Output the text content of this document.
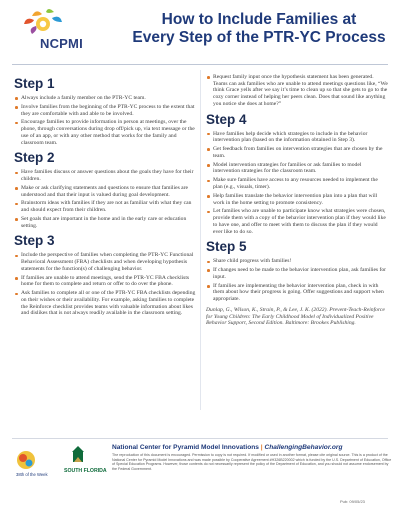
NCPMI
How to Include Families at
Every Step of the PTR-YC Process
Step 1
Always include a family member on the PTR-YC team.
Involve families from the beginning of the PTR-YC process to the extent that they are comfortable with and able to be involved.
Encourage families to provide information in person at meetings, over the phone, through conversations during drop off/pick up, via text message or the use of an app, or with any other method that works for the family and classroom team.
Step 2
Have families discuss or answer questions about the goals they have for their children.
Make or ask clarifying statements and questions to ensure that families are understood and that their input is valued during goal development.
Brainstorm ideas with families if they are not as familiar with what they can and should expect from their children.
Set goals that are important in the home and in the early care or education setting.
Step 3
Include the perspective of families when completing the PTR-YC Functional Behavioral Assessment (FBA) checklists and when developing hypothesis statements for the function(s) of challenging behavior.
If families are unable to attend meetings, send the PTR-YC FBA checklists home for them to complete and return or offer to do over the phone.
Ask families to complete all or one of the PTR-YC FBA checklists depending on their wishes or their availability. For example, asking families to complete the Reinforce checklist provides teams with valuable information about likes and dislikes that is not always readily available in the classroom setting.
Request family input once the hypothesis statement has been generated. Teams can ask families who are unable to attend meetings questions like, “We think Grace yells after we say it’s time to clean up so that she gets to go to the cozy corner instead of helping her peers clean. Does that sound like anything you notice she does at home?”
Step 4
Have families help decide which strategies to include in the behavior intervention plan (based on the information obtained in Step 3).
Get feedback from families on intervention strategies that are chosen by the team.
Model intervention strategies for families or ask families to model intervention strategies for the classroom team.
Make sure families have access to any resources needed to implement the plan (e.g., visuals, timer).
Help families translate the behavior intervention plan into a plan that will work in the home setting to promote consistency.
Let families who are unable to participate know what strategies were chosen, provide them with a copy of the behavior intervention plan if they would like to have one, and offer to meet with them to discuss the plan if they would ever like to do so.
Step 5
Share child progress with families!
If changes need to be made to the behavior intervention plan, ask families for input.
If families are implementing the behavior intervention plan, check in with them about how their progress is going. Offer suggestions and support when appropriate.
Dunlap, G., Wilson, K., Strain, P., & Lee, J. K. (2022). Prevent-Teach-Reinforce for Young Children: The Early Childhood Model of Individualized Positive Behavior Support, Second Edition. Baltimore: Brookes Publishing.
38th of the Week
SOUTH FLORIDA
National Center for Pyramid Model Innovations | ChallengingBehavior.org
The reproduction of this document is encouraged. Permission to copy is not required. If modified or used in another format, please cite original source. This is a product of the National Center for Pyramid Model Innovations and was made possible by Cooperative Agreement #H326B220002 which is funded by the U.S. Department of Education, Office of Special Education Programs. However, those contents do not necessarily represent the policy of the Department of Education, and you should not assume endorsement by the Federal Government.
Pub: 09/05/23
